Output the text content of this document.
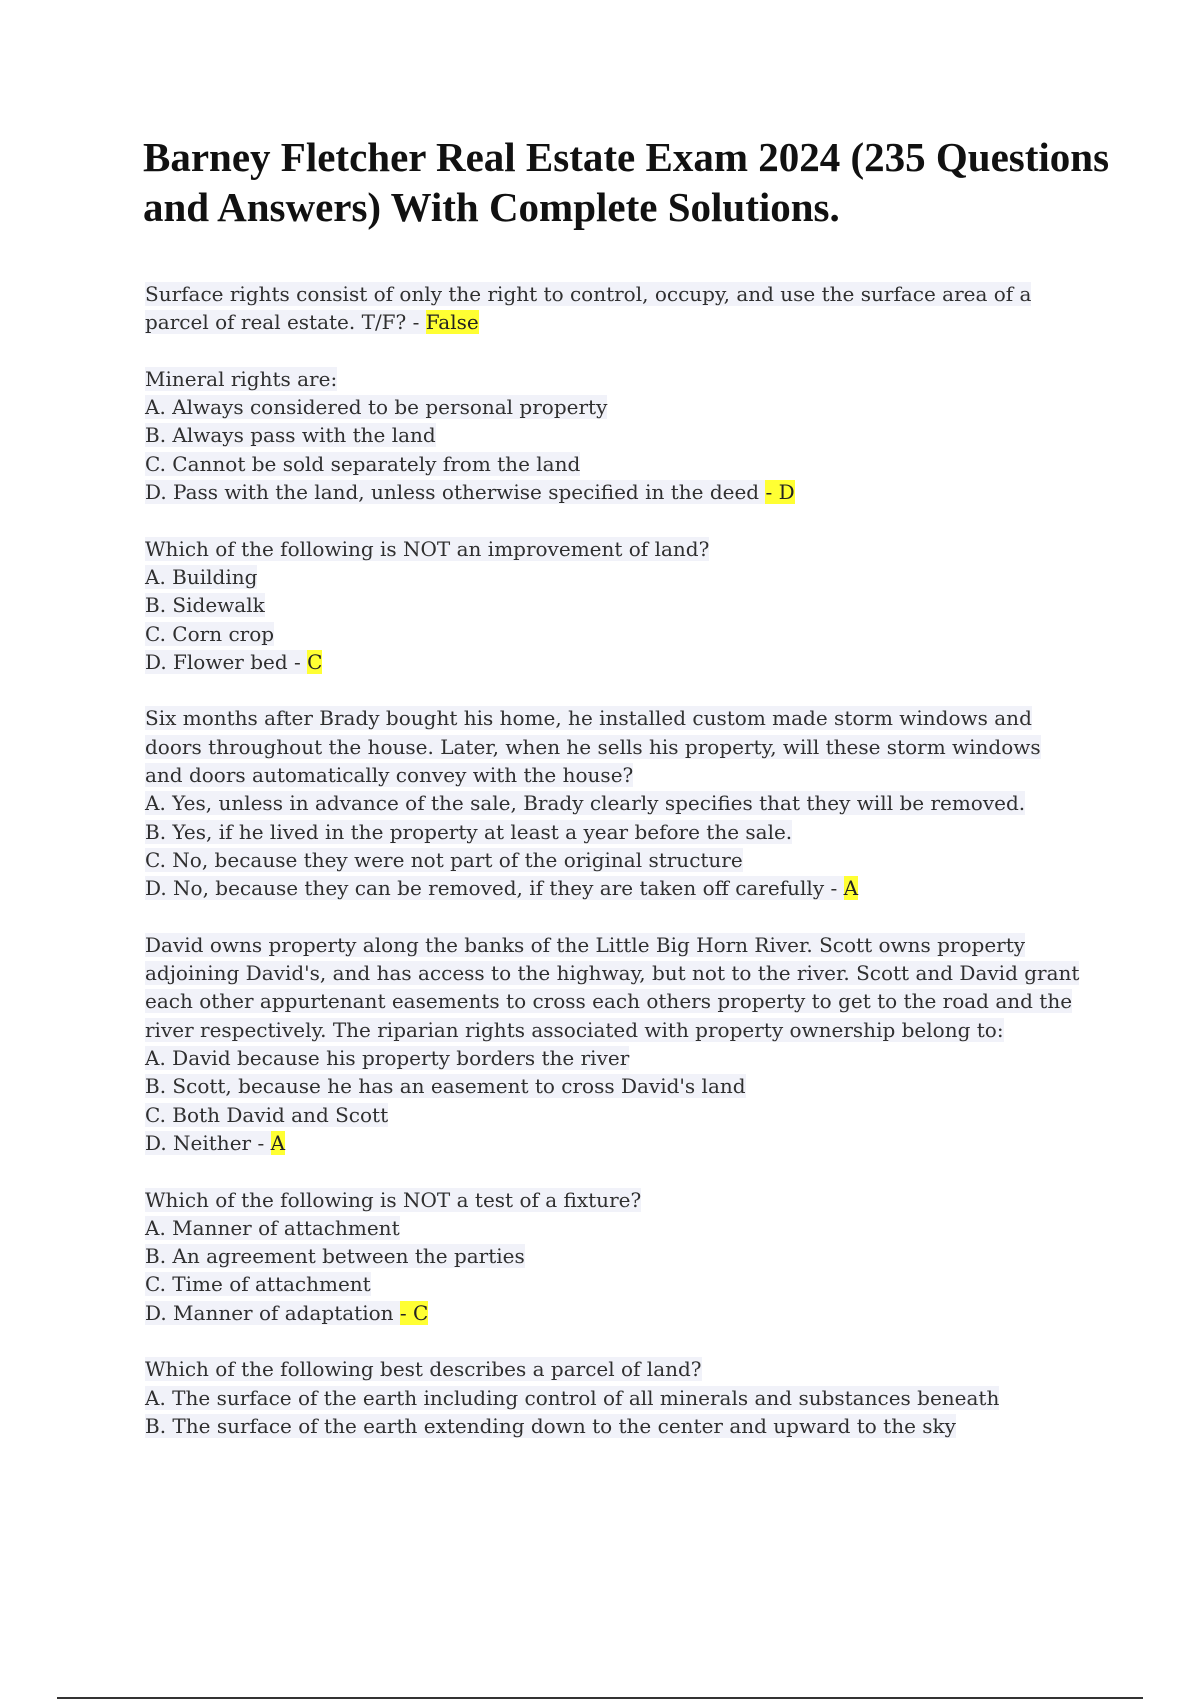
Barney Fletcher Real Estate Exam 2024 (235 Questions
and Answers) With Complete Solutions.
Surface rights consist of only the right to control, occupy, and use the surface area of a
parcel of real estate. T/F? - False
Mineral rights are:
A. Always considered to be personal property
B. Always pass with the land
C. Cannot be sold separately from the land
D. Pass with the land, unless otherwise specified in the deed - D
Which of the following is NOT an improvement of land?
A. Building
B. Sidewalk
C. Corn crop
D. Flower bed - C
Six months after Brady bought his home, he installed custom made storm windows and
doors throughout the house. Later, when he sells his property, will these storm windows
and doors automatically convey with the house?
A. Yes, unless in advance of the sale, Brady clearly specifies that they will be removed.
B. Yes, if he lived in the property at least a year before the sale.
C. No, because they were not part of the original structure
D. No, because they can be removed, if they are taken off carefully - A
David owns property along the banks of the Little Big Horn River. Scott owns property
adjoining David's, and has access to the highway, but not to the river. Scott and David grant
each other appurtenant easements to cross each others property to get to the road and the
river respectively. The riparian rights associated with property ownership belong to:
A. David because his property borders the river
B. Scott, because he has an easement to cross David's land
C. Both David and Scott
D. Neither - A
Which of the following is NOT a test of a fixture?
A. Manner of attachment
B. An agreement between the parties
C. Time of attachment
D. Manner of adaptation - C
Which of the following best describes a parcel of land?
A. The surface of the earth including control of all minerals and substances beneath
B. The surface of the earth extending down to the center and upward to the sky
